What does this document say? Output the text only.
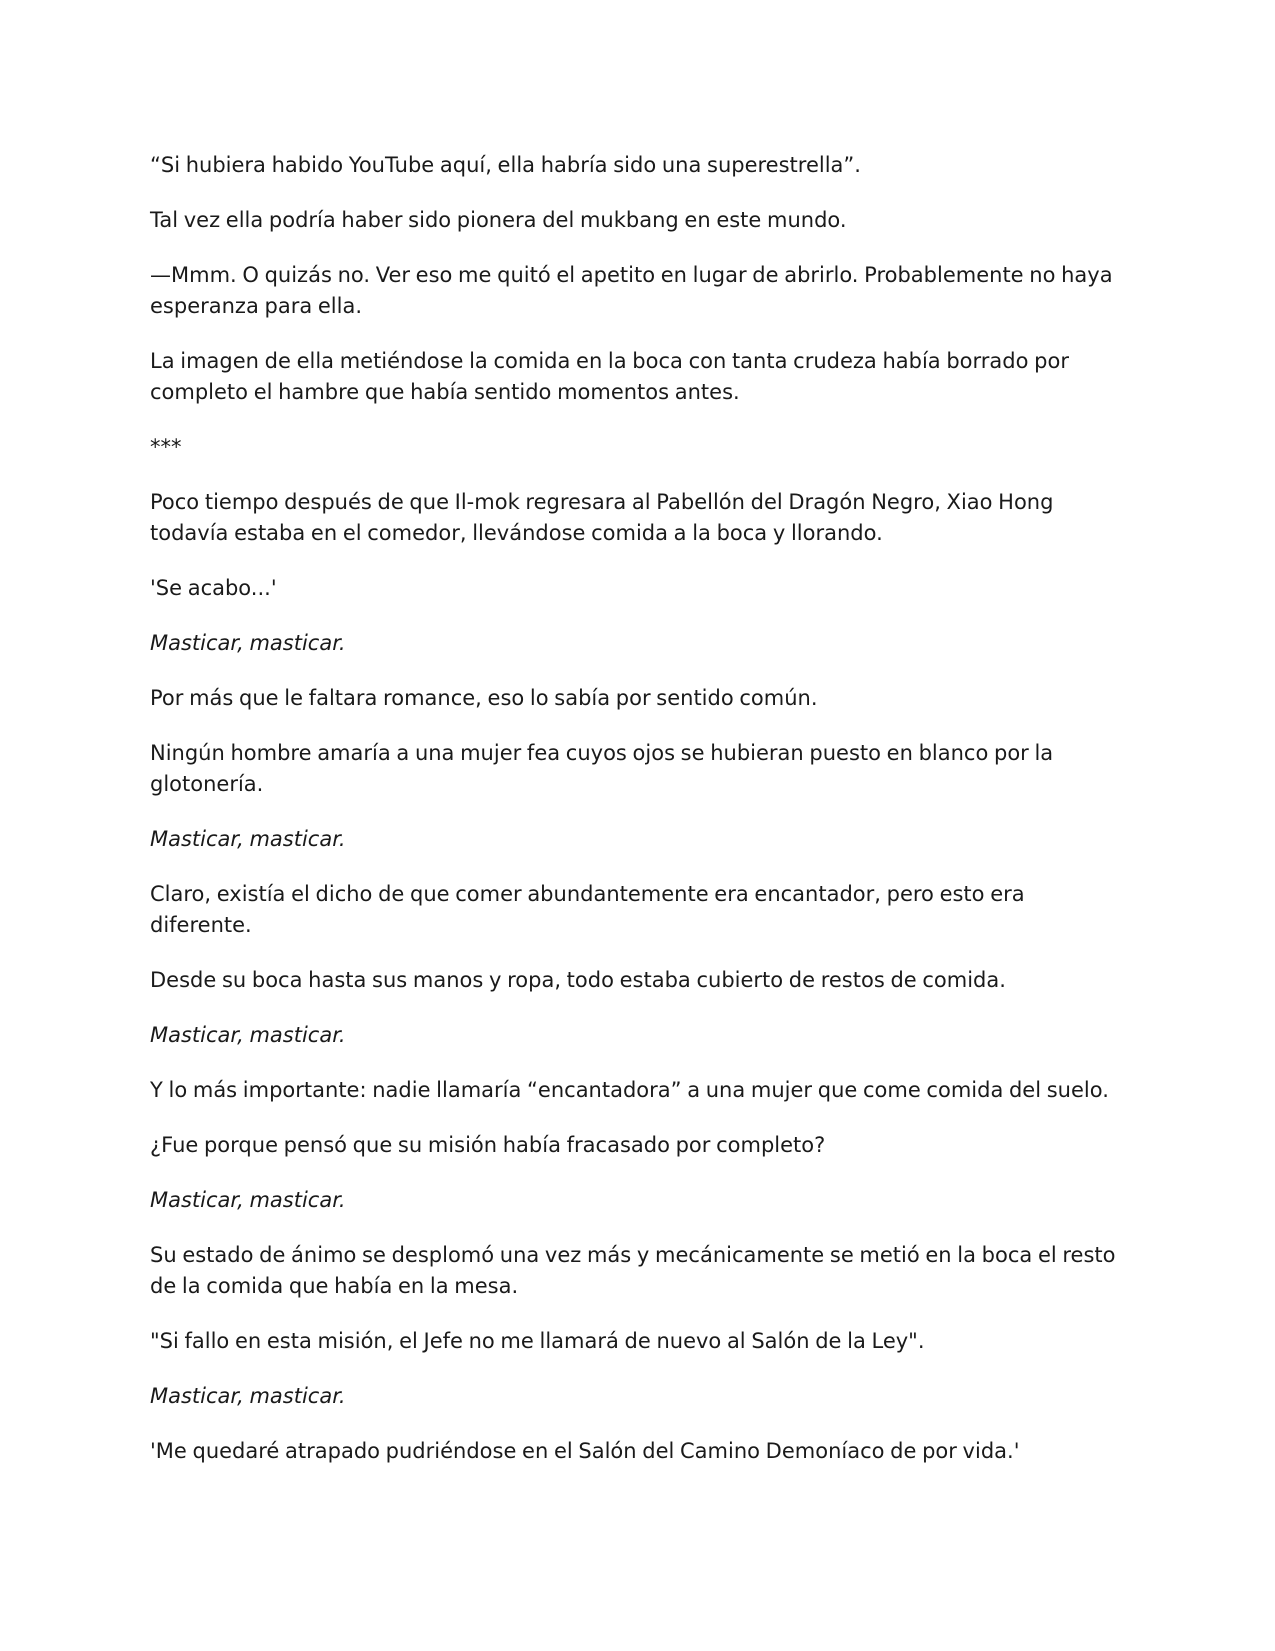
“Si hubiera habido YouTube aquí, ella habría sido una superestrella”.

Tal vez ella podría haber sido pionera del mukbang en este mundo.

—Mmm. O quizás no. Ver eso me quitó el apetito en lugar de abrirlo. Probablemente no haya esperanza para ella.

La imagen de ella metiéndose la comida en la boca con tanta crudeza había borrado por completo el hambre que había sentido momentos antes.

***

Poco tiempo después de que Il-mok regresara al Pabellón del Dragón Negro, Xiao Hong todavía estaba en el comedor, llevándose comida a la boca y llorando.

'Se acabo...'

Masticar, masticar.

Por más que le faltara romance, eso lo sabía por sentido común.

Ningún hombre amaría a una mujer fea cuyos ojos se hubieran puesto en blanco por la glotonería.

Masticar, masticar.

Claro, existía el dicho de que comer abundantemente era encantador, pero esto era diferente.

Desde su boca hasta sus manos y ropa, todo estaba cubierto de restos de comida.

Masticar, masticar.

Y lo más importante: nadie llamaría “encantadora” a una mujer que come comida del suelo.

¿Fue porque pensó que su misión había fracasado por completo?

Masticar, masticar.

Su estado de ánimo se desplomó una vez más y mecánicamente se metió en la boca el resto de la comida que había en la mesa.

"Si fallo en esta misión, el Jefe no me llamará de nuevo al Salón de la Ley".

Masticar, masticar.

'Me quedaré atrapado pudriéndose en el Salón del Camino Demoníaco de por vida.'
